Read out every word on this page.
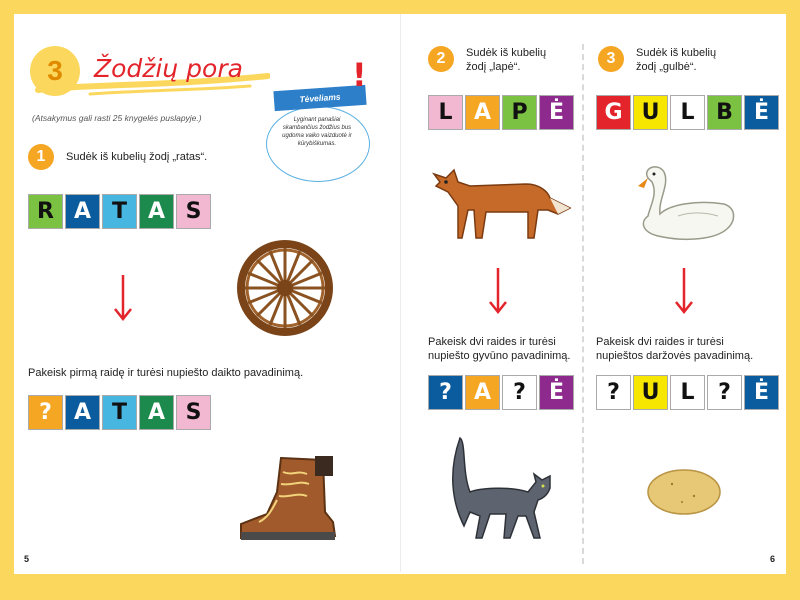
3	Žodžių pora
(Atsakymus gali rasti 25 knygelės puslapyje.)
Tėveliams
Lyginant panašiai skambančius žodžius bus ugdoma vaiko vaizduotė ir kūrybiškumas.
!
1	Sudėk iš kubelių žodį „ratas“.
R A T A S
Pakeisk pirmą raidę ir turėsi nupiešto daikto pavadinimą.
?	A T A S
5
2	Sudėk iš kubelių žodį „lapė“.
L A P Ė
Pakeisk dvi raides ir turėsi nupiešto gyvūno pavadinimą.
?	A	?	Ė
3	Sudėk iš kubelių žodį „gulbė“.
G U L B Ė
Pakeisk dvi raides ir turėsi nupieštos daržovės pavadinimą.
? U L	?	Ė
6
